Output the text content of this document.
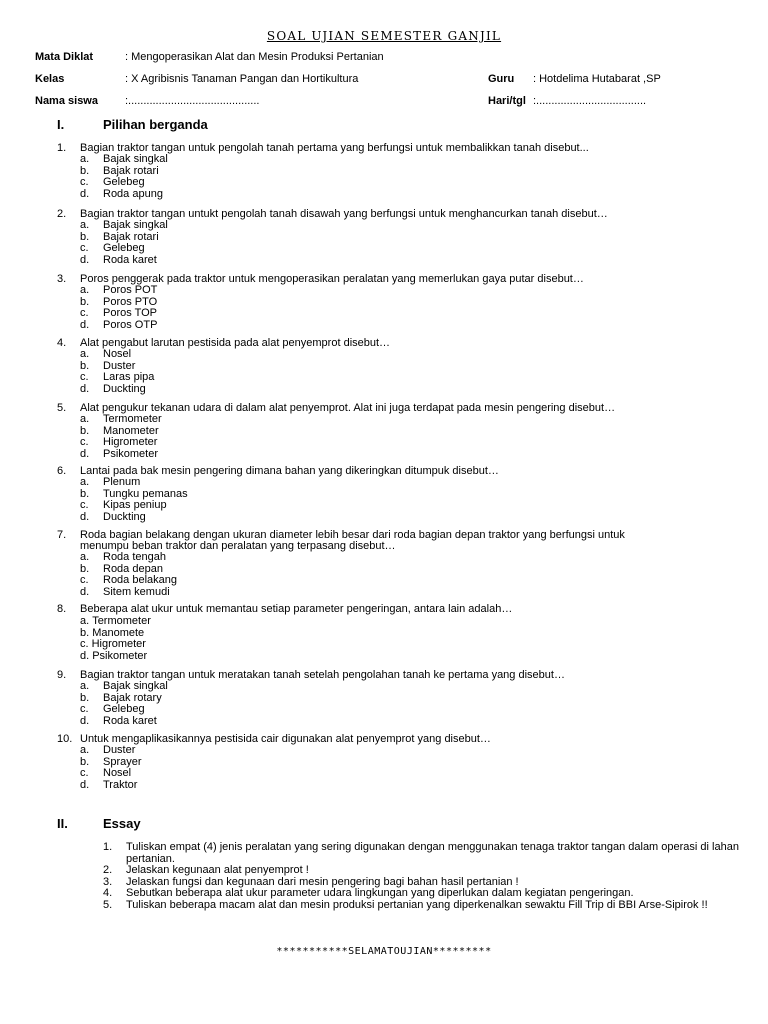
SOAL UJIAN SEMESTER GANJIL
Mata Diklat	: Mengoperasikan Alat dan Mesin Produksi Pertanian
Kelas	: X Agribisnis Tanaman Pangan dan Hortikultura	Guru : Hotdelima Hutabarat ,SP
Nama siswa :...........................................	Hari/tgl :....................................
I.	Pilihan berganda
1. Bagian traktor tangan untuk pengolah tanah pertama yang berfungsi untuk membalikkan tanah disebut...
a. Bajak singkal
b. Bajak rotari
c. Gelebeg
d. Roda apung
2. Bagian traktor tangan untukt pengolah tanah disawah yang berfungsi untuk menghancurkan tanah disebut…
a. Bajak singkal
b. Bajak rotari
c. Gelebeg
d. Roda karet
3. Poros penggerak pada traktor untuk mengoperasikan peralatan yang memerlukan gaya putar disebut…
a. Poros POT
b. Poros PTO
c. Poros TOP
d. Poros OTP
4. Alat pengabut larutan pestisida pada alat penyemprot disebut…
a. Nosel
b. Duster
c. Laras pipa
d. Duckting
5. Alat pengukur tekanan udara di dalam alat penyemprot. Alat ini juga terdapat pada mesin pengering disebut…
a. Termometer
b. Manometer
c. Higrometer
d. Psikometer
6. Lantai pada bak mesin pengering dimana bahan yang dikeringkan ditumpuk disebut…
a. Plenum
b. Tungku pemanas
c. Kipas peniup
d. Duckting
7. Roda bagian belakang dengan ukuran diameter lebih besar dari roda bagian depan traktor yang berfungsi untuk
menumpu beban traktor dan peralatan yang terpasang disebut…
a. Roda tengah
b. Roda depan
c. Roda belakang
d. Sitem kemudi
8. Beberapa alat ukur untuk memantau setiap parameter pengeringan, antara lain adalah…
a. Termometer
b. Manomete
c. Higrometer
d. Psikometer
9. Bagian traktor tangan untuk meratakan tanah setelah pengolahan tanah ke pertama yang disebut…
a. Bajak singkal
b. Bajak rotary
c. Gelebeg
d. Roda karet
10. Untuk mengaplikasikannya pestisida cair digunakan alat penyemprot yang disebut…
a. Duster
b. Sprayer
c. Nosel
d. Traktor
II.	Essay
1. Tuliskan empat (4) jenis peralatan yang sering digunakan dengan menggunakan tenaga traktor tangan dalam operasi di lahan pertanian.
2. Jelaskan kegunaan alat penyemprot !
3. Jelaskan fungsi dan kegunaan dari mesin pengering bagi bahan hasil pertanian !
4. Sebutkan beberapa alat ukur parameter udara lingkungan yang diperlukan dalam kegiatan pengeringan.
5. Tuliskan beberapa macam alat dan mesin produksi pertanian yang diperkenalkan sewaktu Fill Trip di BBI Arse-Sipirok !!
***********SELAMATOUJIAN*********
